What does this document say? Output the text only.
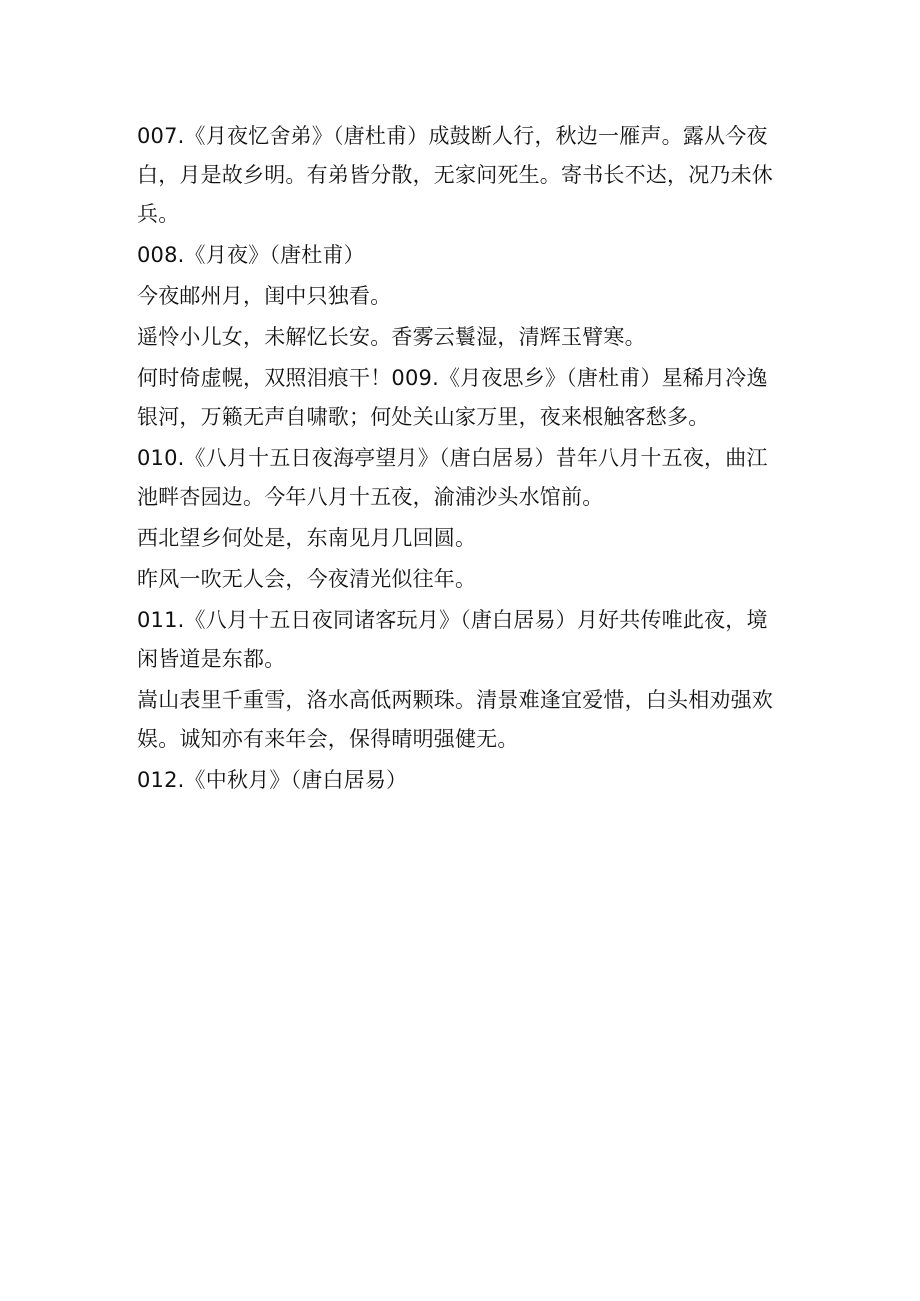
007.《月夜忆舍弟》（唐杜甫）成鼓断人行，秋边一雁声。露从今夜白，月是故乡明。有弟皆分散，无家问死生。寄书长不达，况乃未休兵。

008.《月夜》（唐杜甫）

今夜邮州月，闺中只独看。

遥怜小儿女，未解忆长安。香雾云鬟湿，清辉玉臂寒。

何时倚虚幌，双照泪痕干！009.《月夜思乡》（唐杜甫）星稀月冷逸银河，万籁无声自啸歌；何处关山家万里，夜来根触客愁多。

010.《八月十五日夜海亭望月》（唐白居易）昔年八月十五夜，曲江池畔杏园边。今年八月十五夜，渝浦沙头水馆前。

西北望乡何处是，东南见月几回圆。

昨风一吹无人会，今夜清光似往年。

011.《八月十五日夜同诸客玩月》（唐白居易）月好共传唯此夜，境闲皆道是东都。

嵩山表里千重雪，洛水高低两颗珠。清景难逢宜爱惜，白头相劝强欢娱。诚知亦有来年会，保得晴明强健无。

012.《中秋月》（唐白居易）
